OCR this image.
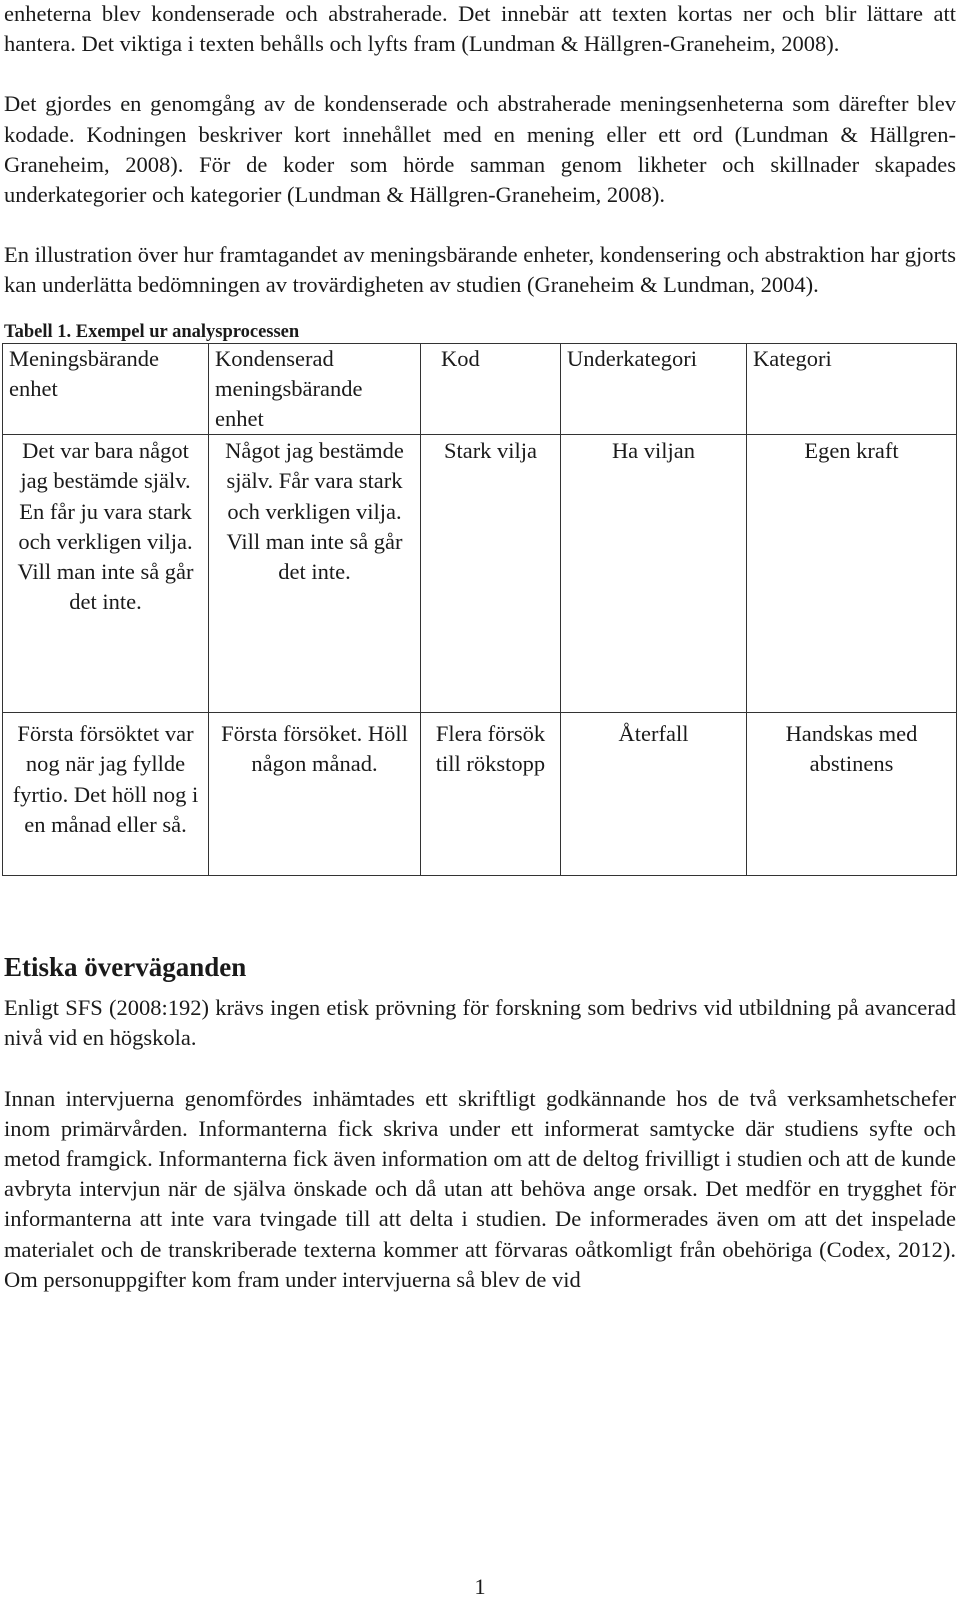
enheterna blev kondenserade och abstraherade. Det innebär att texten kortas ner och blir lättare att hantera. Det viktiga i texten behålls och lyfts fram (Lundman & Hällgren-Graneheim, 2008).

Det gjordes en genomgång av de kondenserade och abstraherade meningsenheterna som därefter blev kodade. Kodningen beskriver kort innehållet med en mening eller ett ord (Lundman & Hällgren-Graneheim, 2008). För de koder som hörde samman genom likheter och skillnader skapades underkategorier och kategorier (Lundman & Hällgren-Graneheim, 2008).

En illustration över hur framtagandet av meningsbärande enheter, kondensering och abstraktion har gjorts kan underlätta bedömningen av trovärdigheten av studien (Graneheim & Lundman, 2004).

Tabell 1. Exempel ur analysprocessen
Meningsbärande enhet	Kondenserad meningsbärande enhet	Kod	Underkategori	Kategori
Det var bara något jag bestämde själv. En får ju vara stark och verkligen vilja. Vill man inte så går det inte.	Något jag bestämde själv. Får vara stark och verkligen vilja. Vill man inte så går det inte.	Stark vilja	Ha viljan	Egen kraft
Första försöktet var nog när jag fyllde fyrtio. Det höll nog i en månad eller så.	Första försöket. Höll någon månad.	Flera försök till rökstopp	Återfall	Handskas med abstinens
Etiska överväganden

Enligt SFS (2008:192) krävs ingen etisk prövning för forskning som bedrivs vid utbildning på avancerad nivå vid en högskola.

Innan intervjuerna genomfördes inhämtades ett skriftligt godkännande hos de två verksamhetschefer inom primärvården. Informanterna fick skriva under ett informerat samtycke där studiens syfte och metod framgick. Informanterna fick även information om att de deltog frivilligt i studien och att de kunde avbryta intervjun när de själva önskade och då utan att behöva ange orsak. Det medför en trygghet för informanterna att inte vara tvingade till att delta i studien. De informerades även om att det inspelade materialet och de transkriberade texterna kommer att förvaras oåtkomligt från obehöriga (Codex, 2012). Om personuppgifter kom fram under intervjuerna så blev de vid

1
